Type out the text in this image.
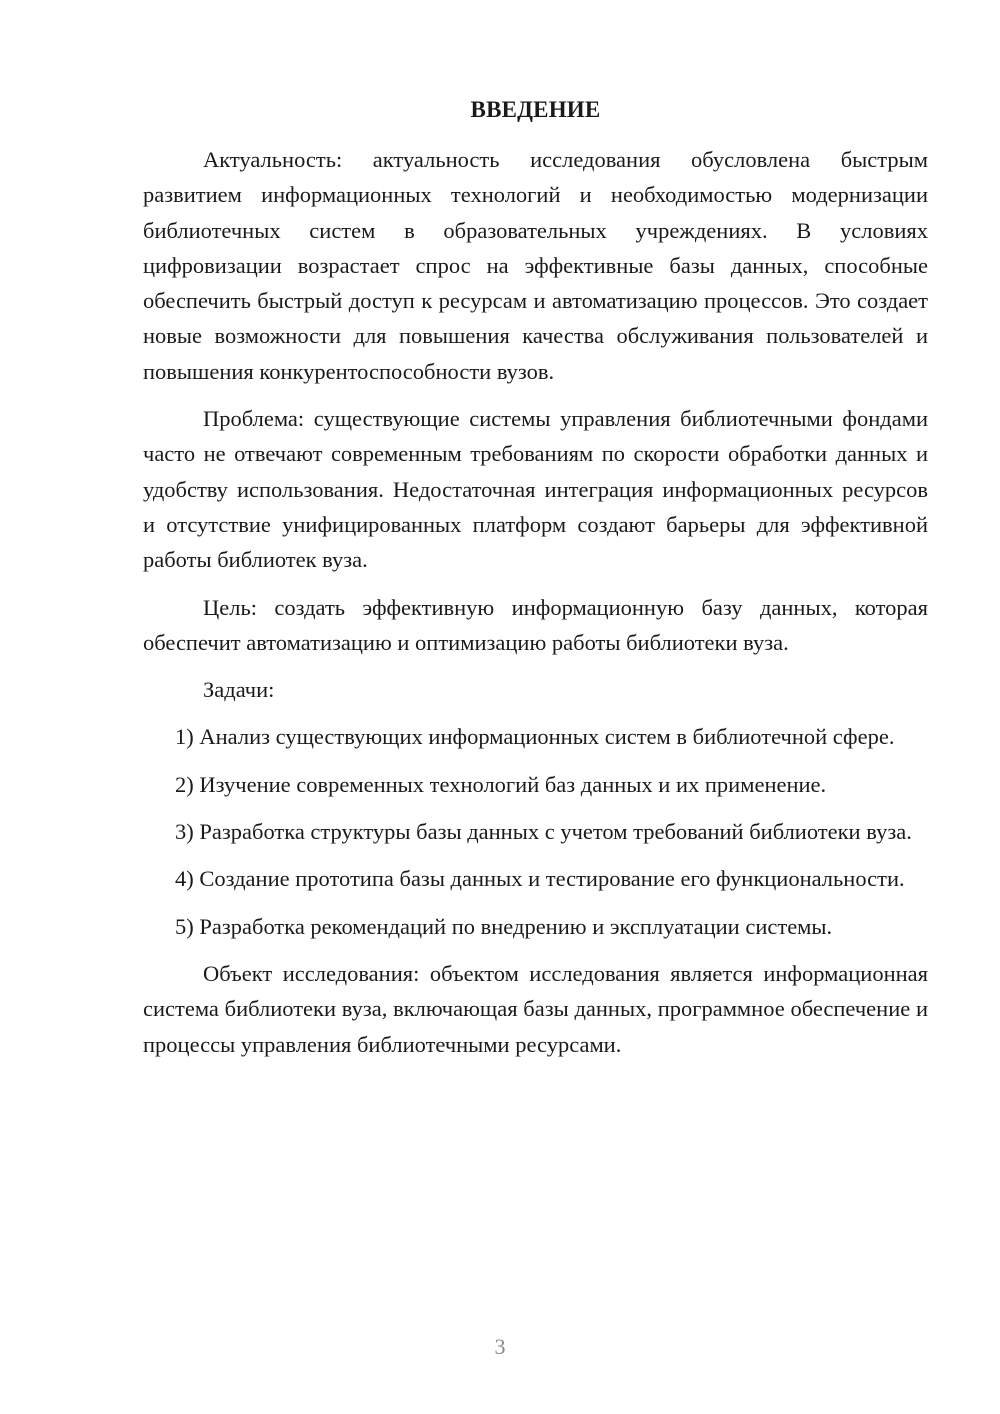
ВВЕДЕНИЕ

Актуальность: актуальность исследования обусловлена быстрым развитием информационных технологий и необходимостью модернизации библиотечных систем в образовательных учреждениях. В условиях цифровизации возрастает спрос на эффективные базы данных, способные обеспечить быстрый доступ к ресурсам и автоматизацию процессов. Это создает новые возможности для повышения качества обслуживания пользователей и повышения конкурентоспособности вузов.

Проблема: существующие системы управления библиотечными фондами часто не отвечают современным требованиям по скорости обработки данных и удобству использования. Недостаточная интеграция информационных ресурсов и отсутствие унифицированных платформ создают барьеры для эффективной работы библиотек вуза.

Цель: создать эффективную информационную базу данных, которая обеспечит автоматизацию и оптимизацию работы библиотеки вуза.

Задачи:

1) Анализ существующих информационных систем в библиотечной сфере.

2) Изучение современных технологий баз данных и их применение.

3) Разработка структуры базы данных с учетом требований библиотеки вуза.

4) Создание прототипа базы данных и тестирование его функциональности.

5) Разработка рекомендаций по внедрению и эксплуатации системы.

Объект исследования: объектом исследования является информационная система библиотеки вуза, включающая базы данных, программное обеспечение и процессы управления библиотечными ресурсами.

3
